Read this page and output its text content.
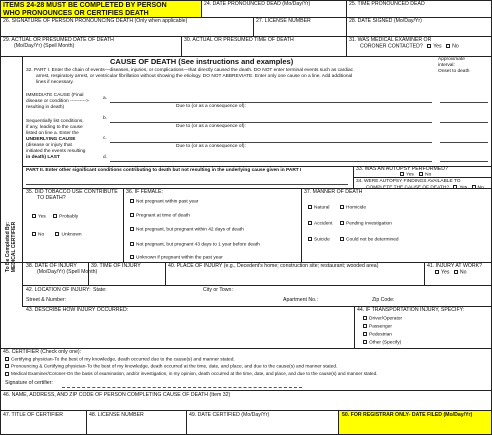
ITEMS 24-28 MUST BE COMPLETED BY PERSON
WHO PRONOUNCES OR CERTIFIES DEATH
24. DATE PRONOUNCED DEAD (Mo/Day/Yr)	25. TIME PRONOUNCED DEAD
26. SIGNATURE OF PERSON PRONOUNCING DEATH (Only when applicable)	27. LICENSE NUMBER	28. DATE SIGNED (Mo/Day/Yr)
29. ACTUAL OR PRESUMED DATE OF DEATH
(Mo/Day/Yr) (Spell Month)
30. ACTUAL OR PRESUMED TIME OF DEATH	31. WAS MEDICAL EXAMINER OR
CORONER CONTACTED? Yes No
CAUSE OF DEATH (See instructions and examples)	Approximate
interval:
Onset to death
32. PART I. Enter the chain of events—diseases, injuries, or complications—that directly caused the death. DO NOT enter terminal events such as cardiac
arrest, respiratory arrest, or ventricular fibrillation without showing the etiology. DO NOT ABBREVIATE. Enter only one cause on a line. Add additional
lines if necessary.
IMMEDIATE CAUSE (Final
disease or condition ---------->
resulting in death)
Sequentially list conditions,
if any, leading to the cause
listed on line a. Enter the
UNDERLYING CAUSE
(disease or injury that
initiated the events resulting
in death) LAST
a.
Due to (or as a consequence of):
b.
Due to (or as a consequence of):
c.
Due to (or as a consequence of):
d.
PART II. Enter other significant conditions contributing to death but not resulting in the underlying cause given in PART I	33. WAS AN AUTOPSY PERFORMED?
Yes No
34. WERE AUTOPSY FINDINGS AVAILABLE TO
COMPLETE THE CAUSE OF DEATH? Yes No
To Be Completed By: MEDICAL CERTIFIER
35. DID TOBACCO USE CONTRIBUTE
TO DEATH?
Yes	Probably
No	Unknown
36. IF FEMALE:
Not pregnant within past year
Pregnant at time of death
Not pregnant, but pregnant within 42 days of death
Not pregnant, but pregnant 43 days to 1 year before death
Unknown if pregnant within the past year
37. MANNER OF DEATH
Natural	Homicide
Accident	Pending Investigation
Suicide	Could not be determined
38. DATE OF INJURY
(Mo/Day/Yr) (Spell Month)
39. TIME OF INJURY	40. PLACE OF INJURY (e.g., Decedent's home; construction site; restaurant; wooded area)	41. INJURY AT WORK?
Yes No
42. LOCATION OF INJURY: State:	City or Town:
Street & Number:	Apartment No.:	Zip Code:
43. DESCRIBE HOW INJURY OCCURRED:	44. IF TRANSPORTATION INJURY, SPECIFY:
Driver/Operator
Passenger
Pedestrian
Other (Specify)
45. CERTIFIER (Check only one):
Certifying physician-To the best of my knowledge, death occurred due to the cause(s) and manner stated.
Pronouncing & Certifying physician-To the best of my knowledge, death occurred at the time, date, and place, and due to the cause(s) and manner stated.
Medical Examiner/Coroner-On the basis of examination, and/or investigation, in my opinion, death occurred at the time, date, and place, and due to the cause(s) and manner stated.
Signature of certifier:
46. NAME, ADDRESS, AND ZIP CODE OF PERSON COMPLETING CAUSE OF DEATH (Item 32)
47. TITLE OF CERTIFIER	48. LICENSE NUMBER	49. DATE CERTIFIED (Mo/Day/Yr)	50. FOR REGISTRAR ONLY- DATE FILED (Mo/Day/Yr)
